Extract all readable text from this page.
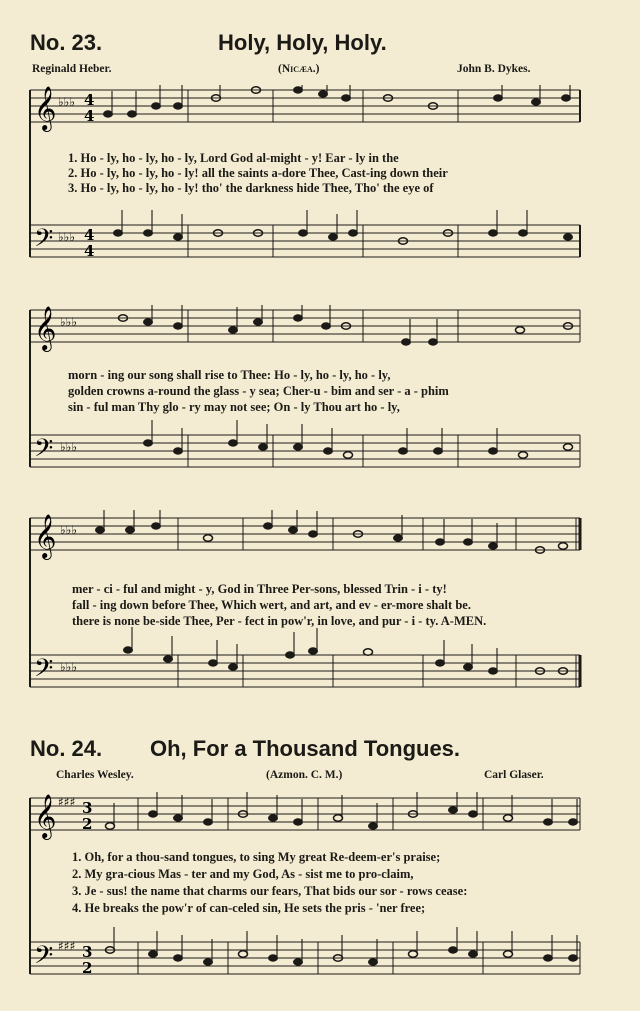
No. 23.	Holy, Holy, Holy.
Reginald Heber.	(Nicæa.)	John B. Dykes.
𝄞
𝄢
♭♭♭
♭♭♭
4
4
4
4
1. Ho - ly, ho - ly, ho - ly, Lord God al-might - y! Ear - ly in the
2. Ho - ly, ho - ly, ho - ly! all the saints a-dore Thee, Cast-ing down their
3. Ho - ly, ho - ly, ho - ly! tho' the darkness hide Thee, Tho' the eye of
𝄞
𝄢
♭♭♭
♭♭♭
morn - ing our song shall rise to Thee: Ho - ly, ho - ly, ho - ly,
golden crowns a-round the glass - y sea; Cher-u - bim and ser - a - phim
sin - ful man Thy glo - ry may not see; On - ly Thou art ho - ly,
𝄞
𝄢
♭♭♭
♭♭♭
mer - ci - ful and might - y, God in Three Per-sons, blessed Trin - i - ty!
fall - ing down before Thee, Which wert, and art, and ev - er-more shalt be.
there is none be-side Thee, Per - fect in pow'r, in love, and pur - i - ty. A-MEN.
No. 24. Oh, For a Thousand Tongues.
Charles Wesley.	(Azmon. C. M.)	Carl Glaser.
𝄞
𝄢
♯♯♯
♯♯♯
3
2
3
2
1. Oh, for a thou-sand tongues, to sing My great Re-deem-er's praise;
2. My gra-cious Mas - ter and my God, As - sist me to pro-claim,
3. Je - sus! the name that charms our fears, That bids our sor - rows cease:
4. He breaks the pow'r of can-celed sin, He sets the pris - 'ner free;
